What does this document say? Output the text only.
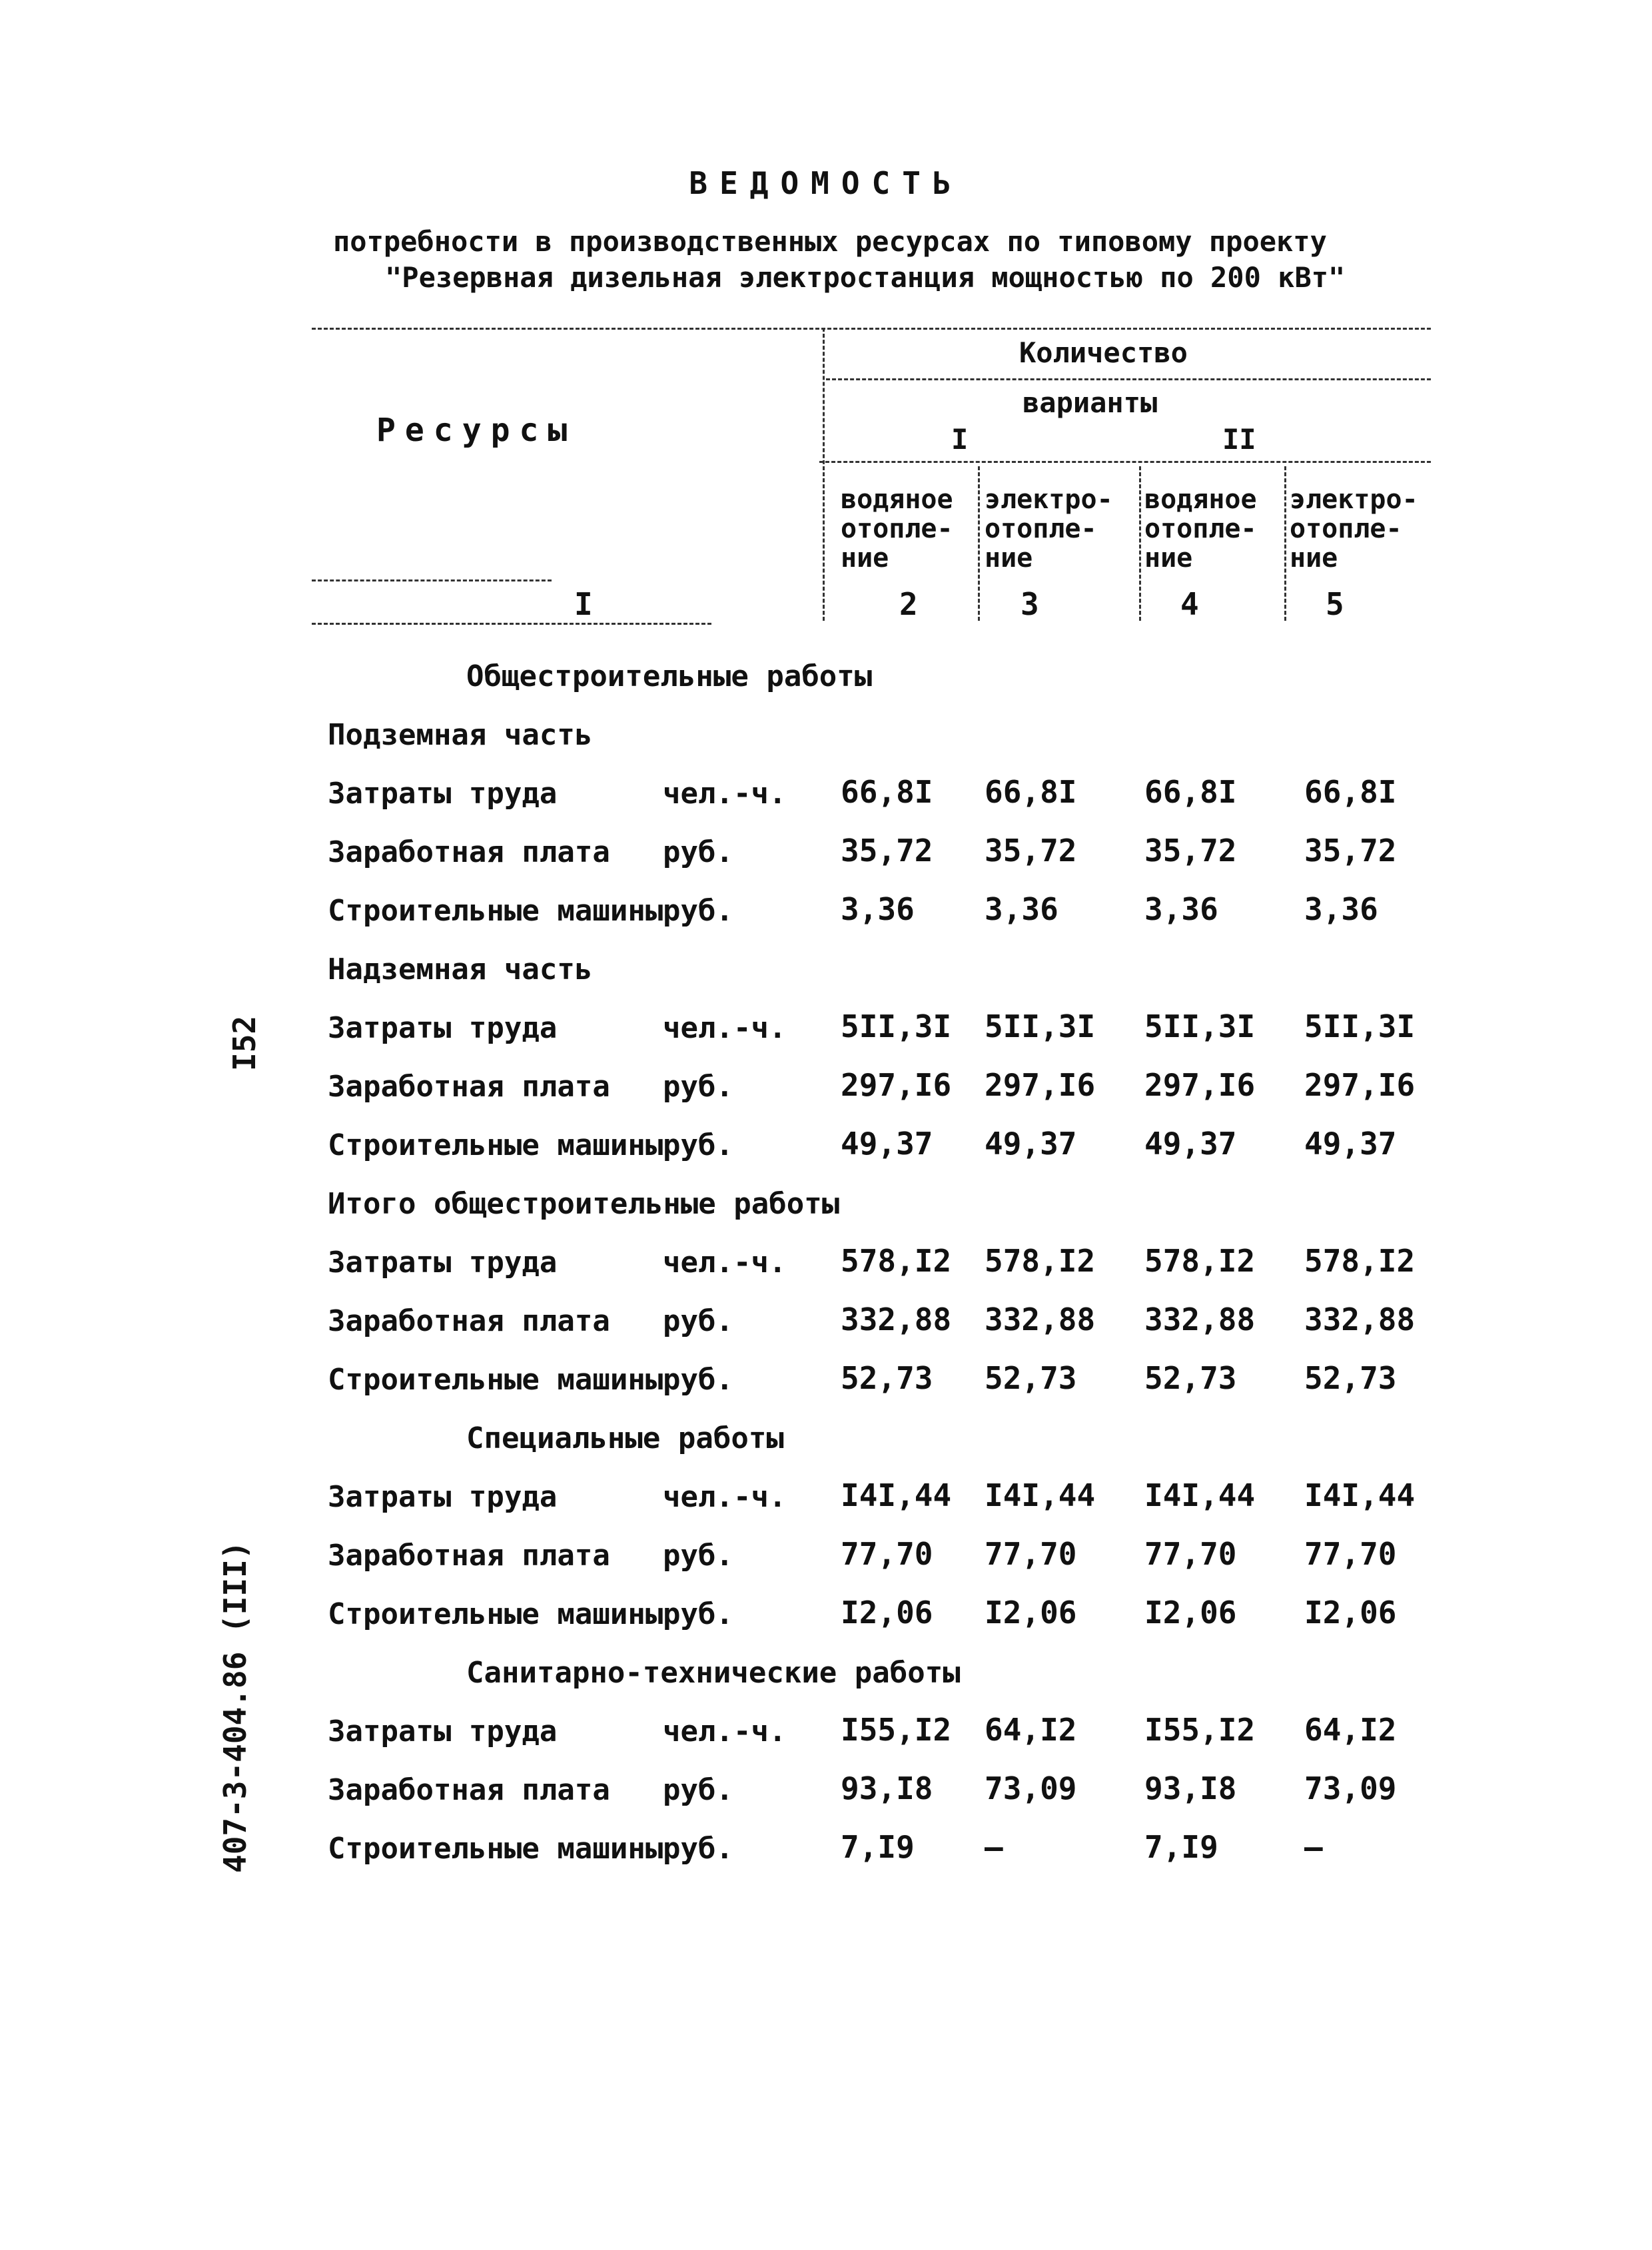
ВЕДОМОСТЬ
потребности в производственных ресурсах по типовому проекту
"Резервная дизельная электростанция мощностью по 200 кВт"
Ресурсы
Количество
варианты
I	II
водяное отопле-ние
электро-отопле-ние
водяное отопле-ние
электро-отопле-ние
I	2	3	4	5
Общестроительные работы
Подземная часть
Затраты труда	чел.-ч. 66,8I 66,8I 66,8I 66,8I
Заработная плата руб.	35,72 35,72 35,72 35,72
Строительные машины руб.	3,36 3,36	3,36	3,36
Надземная часть
Затраты труда	чел.-ч. 5II,3I 5II,3I 5II,3I 5II,3I
Заработная плата руб.	297,I6 297,I6 297,I6 297,I6
Строительные машины руб.	49,37 49,37 49,37 49,37
Итого общестроительные работы
Затраты труда	чел.-ч. 578,I2 578,I2 578,I2 578,I2
Заработная плата руб.	332,88 332,88 332,88 332,88
Строительные машины руб.	52,73 52,73 52,73 52,73
Специальные работы
Затраты труда	чел.-ч. I4I,44 I4I,44 I4I,44 I4I,44
Заработная плата руб.	77,70 77,70 77,70 77,70
Строительные машины руб.	I2,06 I2,06 I2,06 I2,06
Санитарно-технические работы
Затраты труда	чел.-ч. I55,I2 64,I2 I55,I2 64,I2
Заработная плата руб.	93,I8 73,09 93,I8 73,09
Строительные машины руб.	7,I9 –	7,I9	–
I52
407-3-404.86 (III)
